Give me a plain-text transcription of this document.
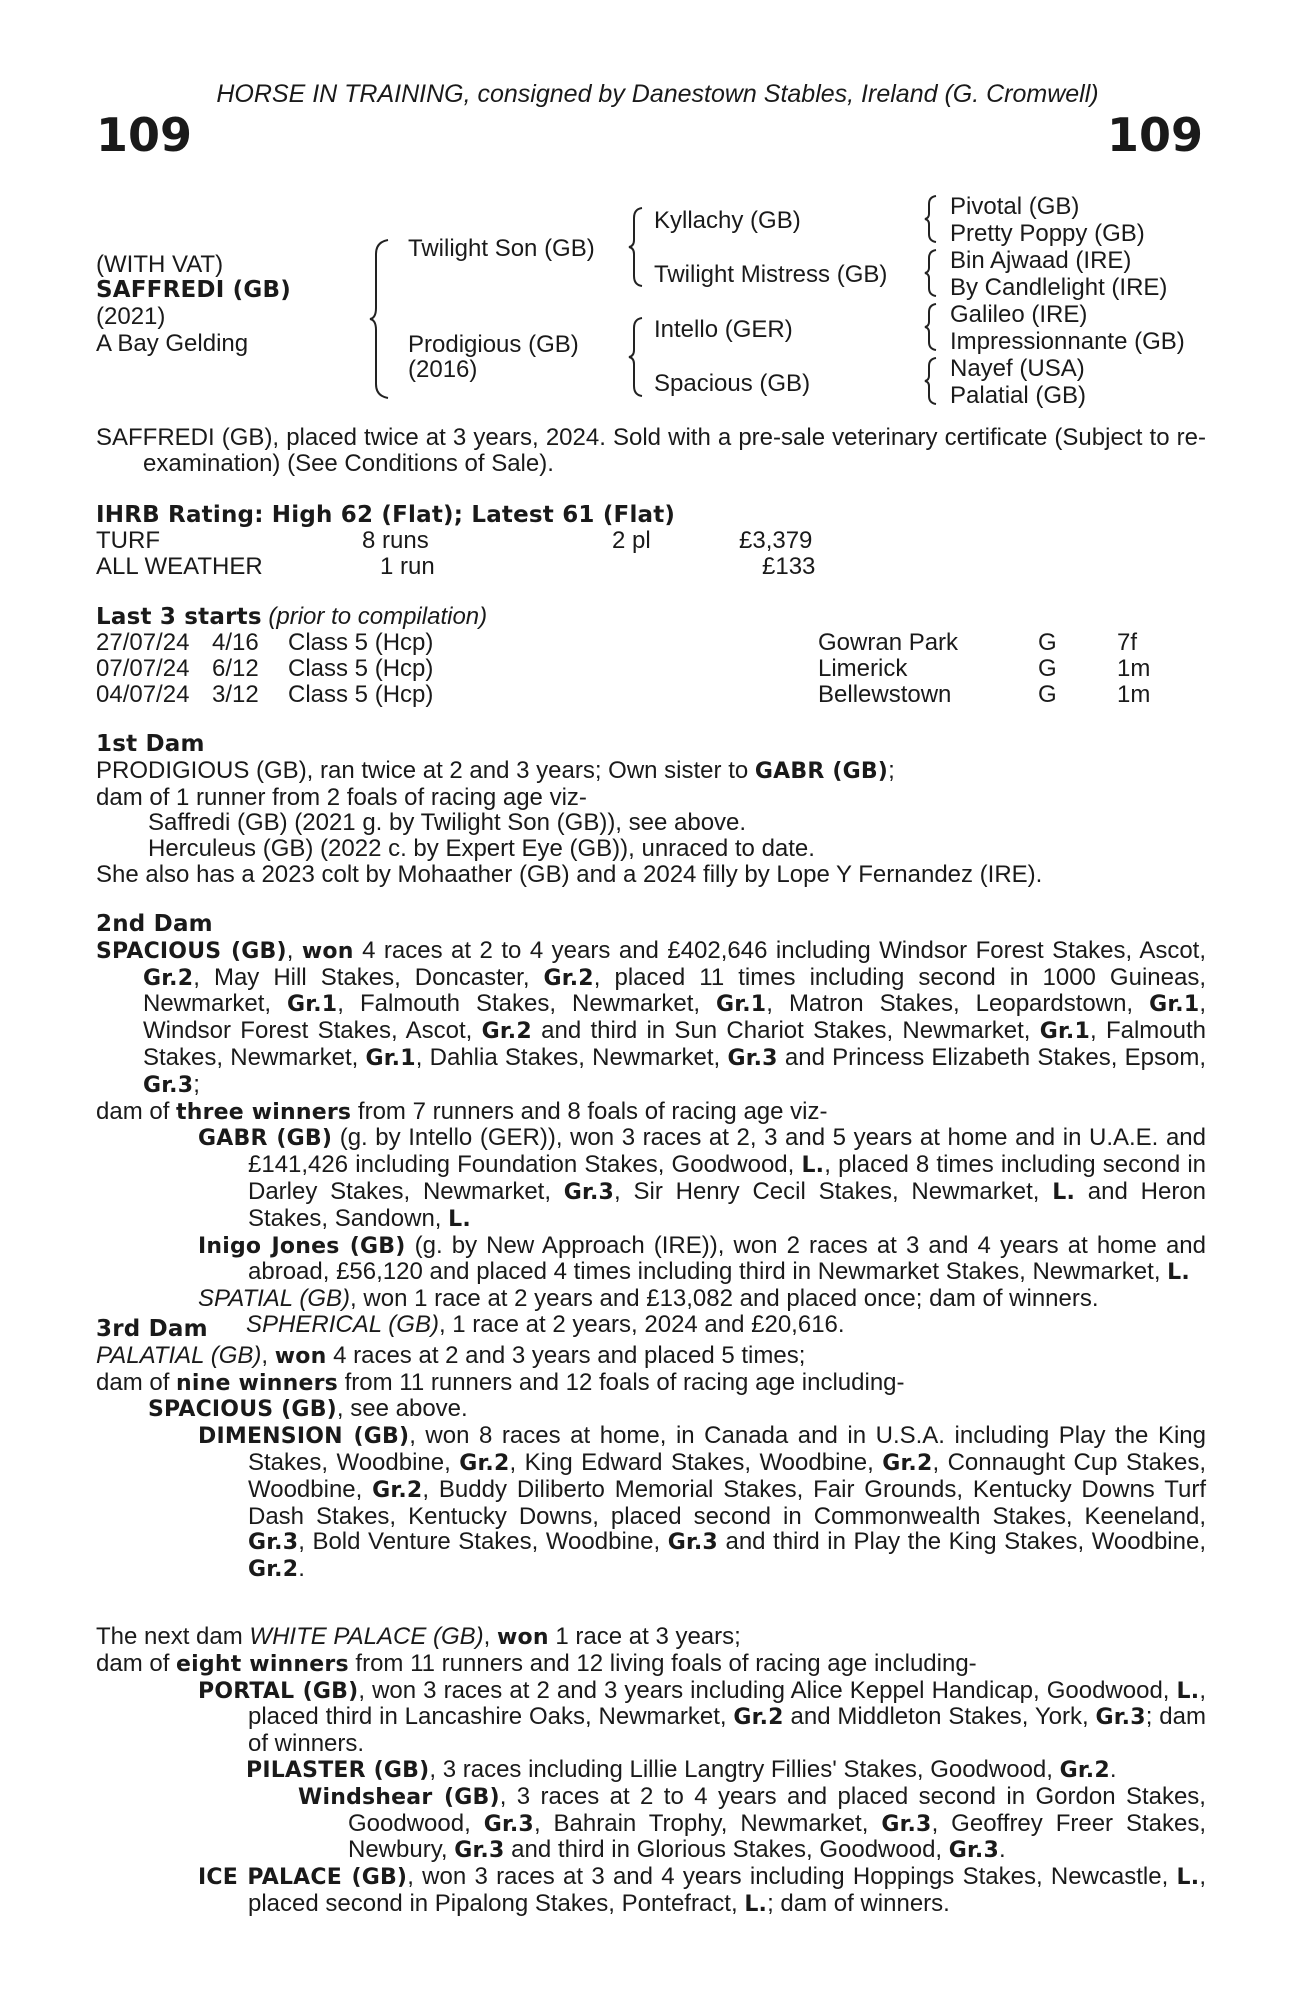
HORSE IN TRAINING, consigned by Danestown Stables, Ireland (G. Cromwell)
109	109
(WITH VAT)
SAFFREDI (GB)
(2021)
A Bay Gelding
Twilight Son (GB)
Prodigious (GB)
(2016)
Kyllachy (GB)
Twilight Mistress (GB)
Intello (GER)
Spacious (GB)
Pivotal (GB)
Pretty Poppy (GB)
Bin Ajwaad (IRE)
By Candlelight (IRE)
Galileo (IRE)
Impressionnante (GB)
Nayef (USA)
Palatial (GB)

SAFFREDI (GB), placed twice at 3 years, 2024. Sold with a pre-sale veterinary certificate (Subject to re-examination) (See Conditions of Sale).

IHRB Rating: High 62 (Flat); Latest 61 (Flat)
TURF	8 runs	2 pl	£3,379
ALL WEATHER	1 run	£133
Last 3 starts (prior to compilation)
27/07/24 4/16 Class 5 (Hcp)	Gowran Park	G	7f
07/07/24 6/12 Class 5 (Hcp)	Limerick	G	1m
04/07/24 3/12 Class 5 (Hcp)	Bellewstown	G	1m
1st Dam

PRODIGIOUS (GB), ran twice at 2 and 3 years; Own sister to GABR (GB);

dam of 1 runner from 2 foals of racing age viz-

Saffredi (GB) (2021 g. by Twilight Son (GB)), see above.

Herculeus (GB) (2022 c. by Expert Eye (GB)), unraced to date.

She also has a 2023 colt by Mohaather (GB) and a 2024 filly by Lope Y Fernandez (IRE).

2nd Dam

SPACIOUS (GB), won 4 races at 2 to 4 years and £402,646 including Windsor Forest Stakes, Ascot, Gr.2, May Hill Stakes, Doncaster, Gr.2, placed 11 times including second in 1000 Guineas, Newmarket, Gr.1, Falmouth Stakes, Newmarket, Gr.1, Matron Stakes, Leopardstown, Gr.1, Windsor Forest Stakes, Ascot, Gr.2 and third in Sun Chariot Stakes, Newmarket, Gr.1, Falmouth Stakes, Newmarket, Gr.1, Dahlia Stakes, Newmarket, Gr.3 and Princess Elizabeth Stakes, Epsom, Gr.3;

dam of three winners from 7 runners and 8 foals of racing age viz-

GABR (GB) (g. by Intello (GER)), won 3 races at 2, 3 and 5 years at home and in U.A.E. and £141,426 including Foundation Stakes, Goodwood, L., placed 8 times including second in Darley Stakes, Newmarket, Gr.3, Sir Henry Cecil Stakes, Newmarket, L. and Heron Stakes, Sandown, L.

Inigo Jones (GB) (g. by New Approach (IRE)), won 2 races at 3 and 4 years at home and abroad, £56,120 and placed 4 times including third in Newmarket Stakes, Newmarket, L.

SPATIAL (GB), won 1 race at 2 years and £13,082 and placed once; dam of winners.

SPHERICAL (GB), 1 race at 2 years, 2024 and £20,616.

3rd Dam

PALATIAL (GB), won 4 races at 2 and 3 years and placed 5 times;

dam of nine winners from 11 runners and 12 foals of racing age including-

SPACIOUS (GB), see above.

DIMENSION (GB), won 8 races at home, in Canada and in U.S.A. including Play the King Stakes, Woodbine, Gr.2, King Edward Stakes, Woodbine, Gr.2, Connaught Cup Stakes, Woodbine, Gr.2, Buddy Diliberto Memorial Stakes, Fair Grounds, Kentucky Downs Turf Dash Stakes, Kentucky Downs, placed second in Commonwealth Stakes, Keeneland, Gr.3, Bold Venture Stakes, Woodbine, Gr.3 and third in Play the King Stakes, Woodbine, Gr.2.

The next dam WHITE PALACE (GB), won 1 race at 3 years;

dam of eight winners from 11 runners and 12 living foals of racing age including-

PORTAL (GB), won 3 races at 2 and 3 years including Alice Keppel Handicap, Goodwood, L., placed third in Lancashire Oaks, Newmarket, Gr.2 and Middleton Stakes, York, Gr.3; dam of winners.

PILASTER (GB), 3 races including Lillie Langtry Fillies' Stakes, Goodwood, Gr.2.

Windshear (GB), 3 races at 2 to 4 years and placed second in Gordon Stakes, Goodwood, Gr.3, Bahrain Trophy, Newmarket, Gr.3, Geoffrey Freer Stakes, Newbury, Gr.3 and third in Glorious Stakes, Goodwood, Gr.3.

ICE PALACE (GB), won 3 races at 3 and 4 years including Hoppings Stakes, Newcastle, L., placed second in Pipalong Stakes, Pontefract, L.; dam of winners.
